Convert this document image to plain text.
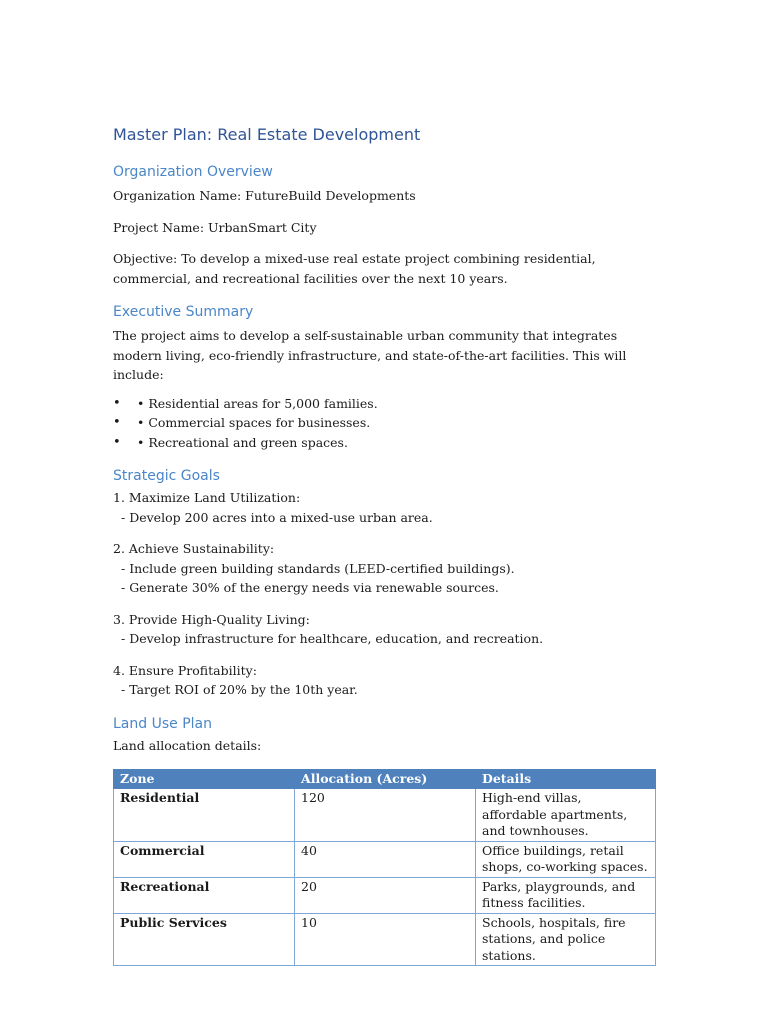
Master Plan: Real Estate Development
Organization Overview

Organization Name: FutureBuild Developments

Project Name: UrbanSmart City

Objective: To develop a mixed-use real estate project combining residential, commercial, and recreational facilities over the next 10 years.

Executive Summary

The project aims to develop a self-sustainable urban community that integrates modern living, eco-friendly infrastructure, and state-of-the-art facilities. This will include:

• • Residential areas for 5,000 families.
• • Commercial spaces for businesses.
• • Recreational and green spaces.
Strategic Goals
1. Maximize Land Utilization:
- Develop 200 acres into a mixed-use urban area.
2. Achieve Sustainability:
- Include green building standards (LEED-certified buildings).
- Generate 30% of the energy needs via renewable sources.
3. Provide High-Quality Living:
- Develop infrastructure for healthcare, education, and recreation.
4. Ensure Profitability:
- Target ROI of 20% by the 10th year.
Land Use Plan

Land allocation details:

Zone	Allocation (Acres)	Details
Residential	120	High-end villas, affordable apartments, and townhouses.
Commercial	40	Office buildings, retail shops, co-working spaces.
Recreational	20	Parks, playgrounds, and fitness facilities.
Public Services	10	Schools, hospitals, fire stations, and police stations.
